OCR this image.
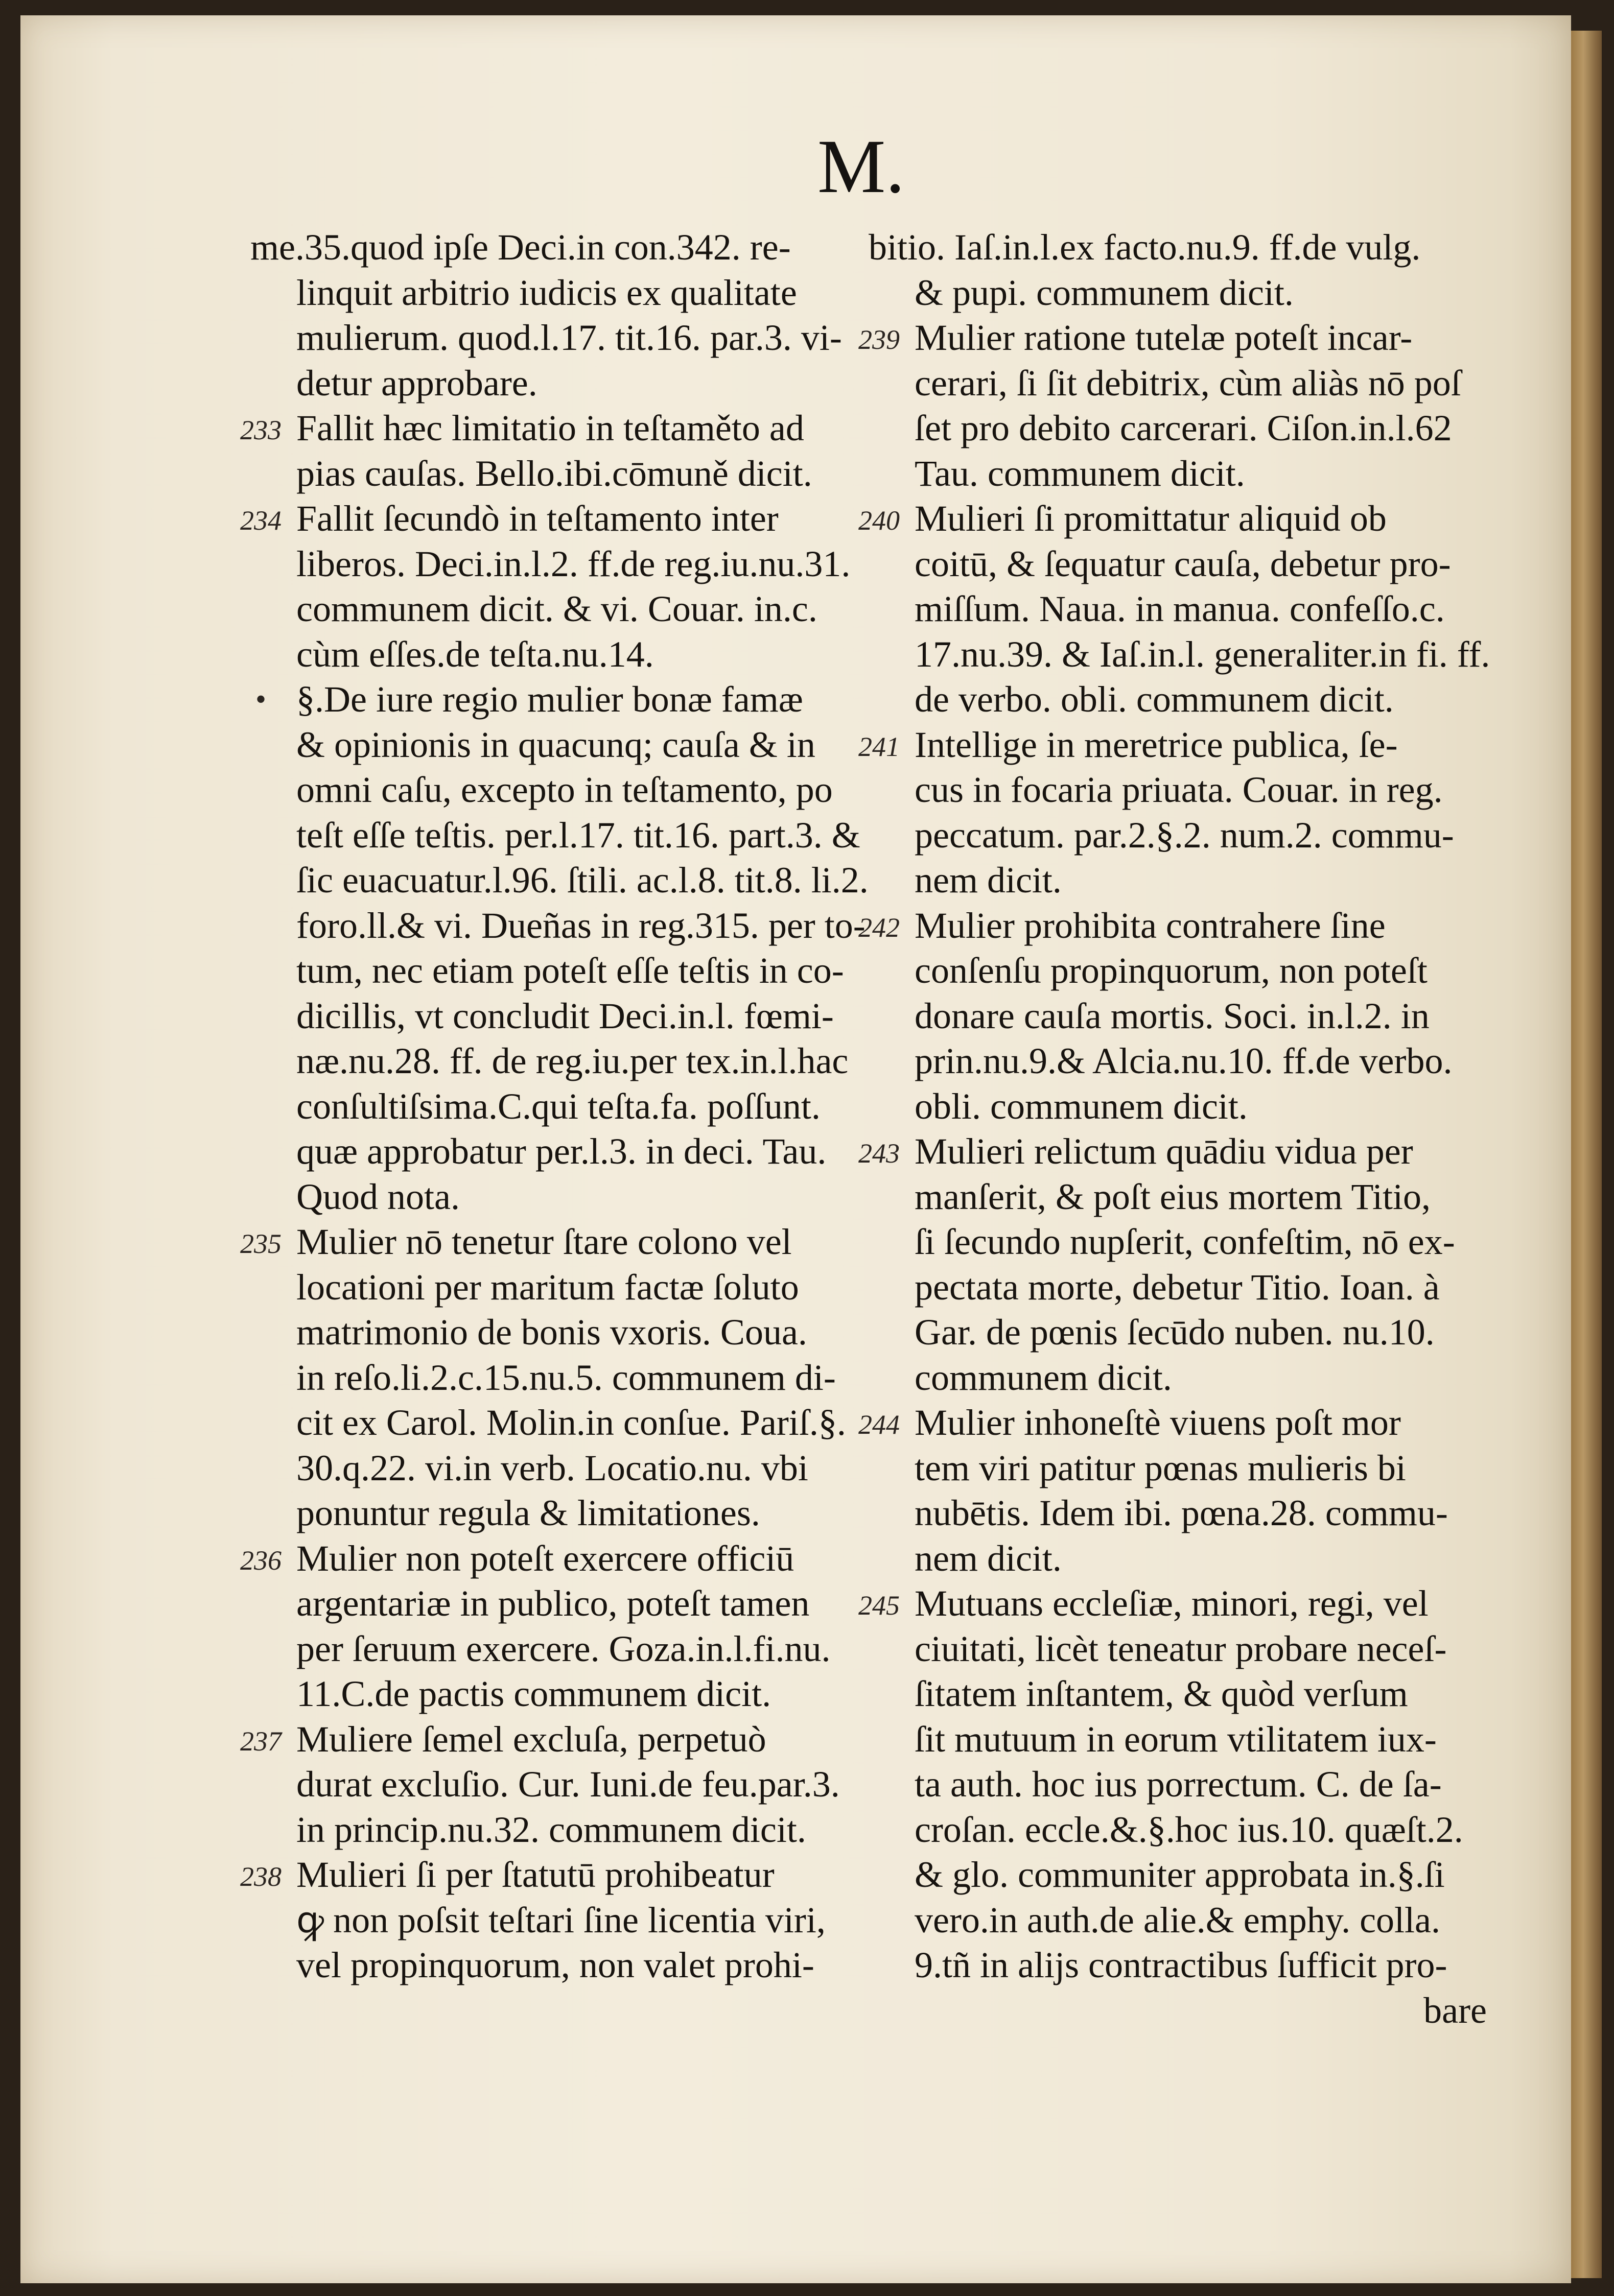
M.
me.35.quod ipſe Deci.in con.342. re-
linquit arbitrio iudicis ex qualitate
mulierum. quod.l.17. tit.16. par.3. vi-
detur approbare.
233 Fallit hæc limitatio in teſtaměto ad
pias cauſas. Bello.ibi.cōmuně dicit.
234 Fallit ſecundò in teſtamento inter
liberos. Deci.in.l.2. ff.de reg.iu.nu.31.
communem dicit. & vi. Couar. in.c.
cùm eſſes.de teſta.nu.14.
• §.De iure regio mulier bonæ famæ
& opinionis in quacunq; cauſa & in
omni caſu, excepto in teſtamento, po
teſt eſſe teſtis. per.l.17. tit.16. part.3. &
ſic euacuatur.l.96. ſtili. ac.l.8. tit.8. li.2.
foro.ll.& vi. Dueñas in reg.315. per to-
tum, nec etiam poteſt eſſe teſtis in co-
dicillis, vt concludit Deci.in.l. fœmi-
næ.nu.28. ff. de reg.iu.per tex.in.l.hac
conſultiſsima.C.qui teſta.fa. poſſunt.
quæ approbatur per.l.3. in deci. Tau.
Quod nota.
235 Mulier nō tenetur ſtare colono vel
locationi per maritum factæ ſoluto
matrimonio de bonis vxoris. Coua.
in reſo.li.2.c.15.nu.5. communem di-
cit ex Carol. Molin.in conſue. Pariſ.§.
30.q.22. vi.in verb. Locatio.nu. vbi
ponuntur regula & limitationes.
236 Mulier non poteſt exercere officiū
argentariæ in publico, poteſt tamen
per ſeruum exercere. Goza.in.l.fi.nu.
11.C.de pactis communem dicit.
237 Muliere ſemel excluſa, perpetuò
durat excluſio. Cur. Iuni.de feu.par.3.
in princip.nu.32. communem dicit.
238 Mulieri ſi per ſtatutū prohibeatur
ꝙ non poſsit teſtari ſine licentia viri,
vel propinquorum, non valet prohi-
bitio. Iaſ.in.l.ex facto.nu.9. ff.de vulg.
& pupi. communem dicit.
239 Mulier ratione tutelæ poteſt incar-
cerari, ſi ſit debitrix, cùm aliàs nō poſ
ſet pro debito carcerari. Ciſon.in.l.62
Tau. communem dicit.
240 Mulieri ſi promittatur aliquid ob
coitū, & ſequatur cauſa, debetur pro-
miſſum. Naua. in manua. confeſſo.c.
17.nu.39. & Iaſ.in.l. generaliter.in fi. ff.
de verbo. obli. communem dicit.
241 Intellige in meretrice publica, ſe-
cus in focaria priuata. Couar. in reg.
peccatum. par.2.§.2. num.2. commu-
nem dicit.
242 Mulier prohibita contrahere ſine
conſenſu propinquorum, non poteſt
donare cauſa mortis. Soci. in.l.2. in
prin.nu.9.& Alcia.nu.10. ff.de verbo.
obli. communem dicit.
243 Mulieri relictum quādiu vidua per
manſerit, & poſt eius mortem Titio,
ſi ſecundo nupſerit, confeſtim, nō ex-
pectata morte, debetur Titio. Ioan. à
Gar. de pœnis ſecūdo nuben. nu.10.
communem dicit.
244 Mulier inhoneſtè viuens poſt mor
tem viri patitur pœnas mulieris bi
nubētis. Idem ibi. pœna.28. commu-
nem dicit.
245 Mutuans eccleſiæ, minori, regi, vel
ciuitati, licèt teneatur probare neceſ-
ſitatem inſtantem, & quòd verſum
ſit mutuum in eorum vtilitatem iux-
ta auth. hoc ius porrectum. C. de ſa-
croſan. eccle.&.§.hoc ius.10. quæſt.2.
& glo. communiter approbata in.§.ſi
vero.in auth.de alie.& emphy. colla.
9.tñ in alijs contractibus ſufficit pro-
bare
